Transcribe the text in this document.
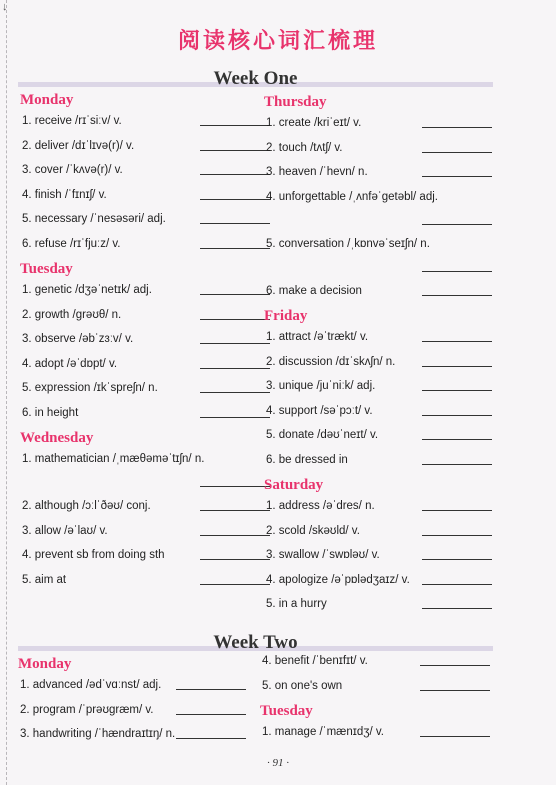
↓
阅读核心词汇梳理
Week One
Monday
1. receive /rɪˈsiːv/ v.
2. deliver /dɪˈlɪvə(r)/ v.
3. cover /ˈkʌvə(r)/ v.
4. finish /ˈfɪnɪʃ/ v.
5. necessary /ˈnesəsəri/ adj.
6. refuse /rɪˈfjuːz/ v.
Tuesday
1. genetic /dʒəˈnetɪk/ adj.
2. growth /ɡrəʊθ/ n.
3. observe /əbˈzɜːv/ v.
4. adopt /əˈdɒpt/ v.
5. expression /ɪkˈspreʃn/ n.
6. in height
Wednesday
1. mathematician /ˌmæθəməˈtɪʃn/ n.
2. although /ɔːlˈðəʊ/ conj.
3. allow /əˈlaʊ/ v.
4. prevent sb from doing sth
5. aim at
Thursday
1. create /kriˈeɪt/ v.
2. touch /tʌtʃ/ v.
3. heaven /ˈhevn/ n.
4. unforgettable /ˌʌnfəˈɡetəbl/ adj.
5. conversation /ˌkɒnvəˈseɪʃn/ n.
6. make a decision
Friday
1. attract /əˈtrækt/ v.
2. discussion /dɪˈskʌʃn/ n.
3. unique /juˈniːk/ adj.
4. support /səˈpɔːt/ v.
5. donate /dəʊˈneɪt/ v.
6. be dressed in
Saturday
1. address /əˈdres/ n.
2. scold /skəʊld/ v.
3. swallow /ˈswɒləʊ/ v.
4. apologize /əˈpɒlədʒaɪz/ v.
5. in a hurry
Week Two
Monday
1. advanced /ədˈvɑːnst/ adj.
2. program /ˈprəʊɡræm/ v.
3. handwriting /ˈhændraɪtɪŋ/ n.
4. benefit /ˈbenɪfɪt/ v.
5. on one's own
Tuesday
1. manage /ˈmænɪdʒ/ v.
· 91 ·
